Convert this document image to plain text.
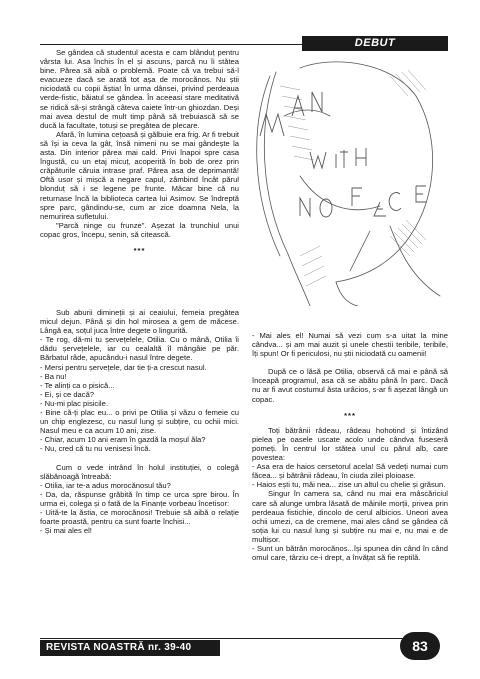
DEBUT

Se gândea că studentul acesta e cam blânduț pentru vârsta lui. Asa închis în el și ascuns, parcă nu îi stătea bine. Părea să aibă o problemă. Poate că va trebui să-l evacueze dacă se arată tot așa de morocănos. Nu știi niciodată cu copii ăștia! În urma dânsei, privind perdeaua verde-fistic, băiatul se gândea. În aceeasi stare meditativă se ridică să-și strângă câteva caiete într-un ghiozdan. Deși mai avea destul de mult timp până să trebuiască să se ducă la facultate, totuși se pregătea de plecare.

Afară, în lumina cețoasă și gălbuie era frig. Ar fi trebuit să își ia ceva la gât, însă nimeni nu se mai gândește la asta. Din interior părea mai cald. Privi înapoi spre casa îngustă, cu un etaj micuț, acoperită în bob de orez prin crăpăturile căruia intrase praf. Părea asa de deprimantă! Oftă usor și mișcă a negare capul, zâmbind încât părul blonduț să i se legene pe frunte. Măcar bine că nu returnase încă la biblioteca cartea lui Asimov. Se îndreptă spre parc, gândindu-se, cum ar zice doamna Nela, la nemurirea sufletului.

"Parcă ninge cu frunze". Așezat la trunchiul unui copac gros, începu, senin, să citească.

***

Sub aburii dimineții și ai ceaiului, femeia pregătea micul dejun. Până și din hol mirosea a gem de măcese. Lângă ea, soțul juca între degete o lingurită.

- Te rog, dă-mi tu șervețelele, Otilia. Cu o mână, Otilia îi dădu șervețelele, iar cu cealaltă îl mângâie pe păr. Bărbatul râde, apucându-i nasul între degete.

- Mersi pentru șervețele, dar tie ți-a crescut nasul.

- Ba nu!

- Te alinți ca o pisică...

- Ei, și ce dacă?

- Nu-mi plac pisicile.

- Bine că-ți plac eu... o privi pe Otilia și văzu o femeie cu un chip englezesc, cu nasul lung și subțire, cu ochii mici. Nasul meu e ca acum 10 ani, zise.

- Chiar, acum 10 ani eram în gazdă la moșul ăla?

- Nu, cred că tu nu venisesi încă.

Cum o vede intrând în holul instituției, o colegă slăbănoagă întreabă:

- Otilia, iar te-a adus morocănosul tău?

- Da, da, răspunse grăbită în timp ce urca spre birou. În urma ei, colega și o fată de la Finanțe vorbeau încetisor:

- Uită-te la ăstia, ce morocănosi! Trebuie să aibă o relație foarte proastă, pentru ca sunt foarte închisi...

- Și mai ales el!

- Mai ales el! Numai să vezi cum s-a uitat la mine cândva... și am mai auzit și unele chestii teribile, teribile, îți spun! Or fi periculosi, nu știi niciodată cu oamenii!

După ce o lăsă pe Otilia, observă că mai e până să înceapă programul, asa că se abătu până în parc. Dacă nu ar fi avut costumul ăsta urâcios, s-ar fi așezat lângă un copac.

***

Toți bătrânii râdeau, râdeau hohotind și întizând pielea pe oasele uscate acolo unde cândva fuseseră pomeți. În centrul lor stătea unul cu părul alb, care povestea:

- Asa era de haios cersetorul acela! Să vedeți numai cum făcea... și bătrânii râdeau, în ciuda zilei ploioase.

- Haios ești tu, măi nea... zise un altul cu chelie și grăsun.

Singur în camera sa, când nu mai era mâscăriciul care să alunge umbra lăsată de mâinile morții, privea prin perdeaua fistichie, dincolo de cerul albicios. Uneori avea ochii umezi, ca de cremene, mai ales când se gândea că soția lui cu nasul lung și subțire nu mai e, nu mai e de multișor.

- Sunt un bătrân morocănos...își spunea din când în când omul care, târziu ce-i drept, a învățat să fie reptilă.

REVISTA NOASTRĂ nr. 39-40	83
